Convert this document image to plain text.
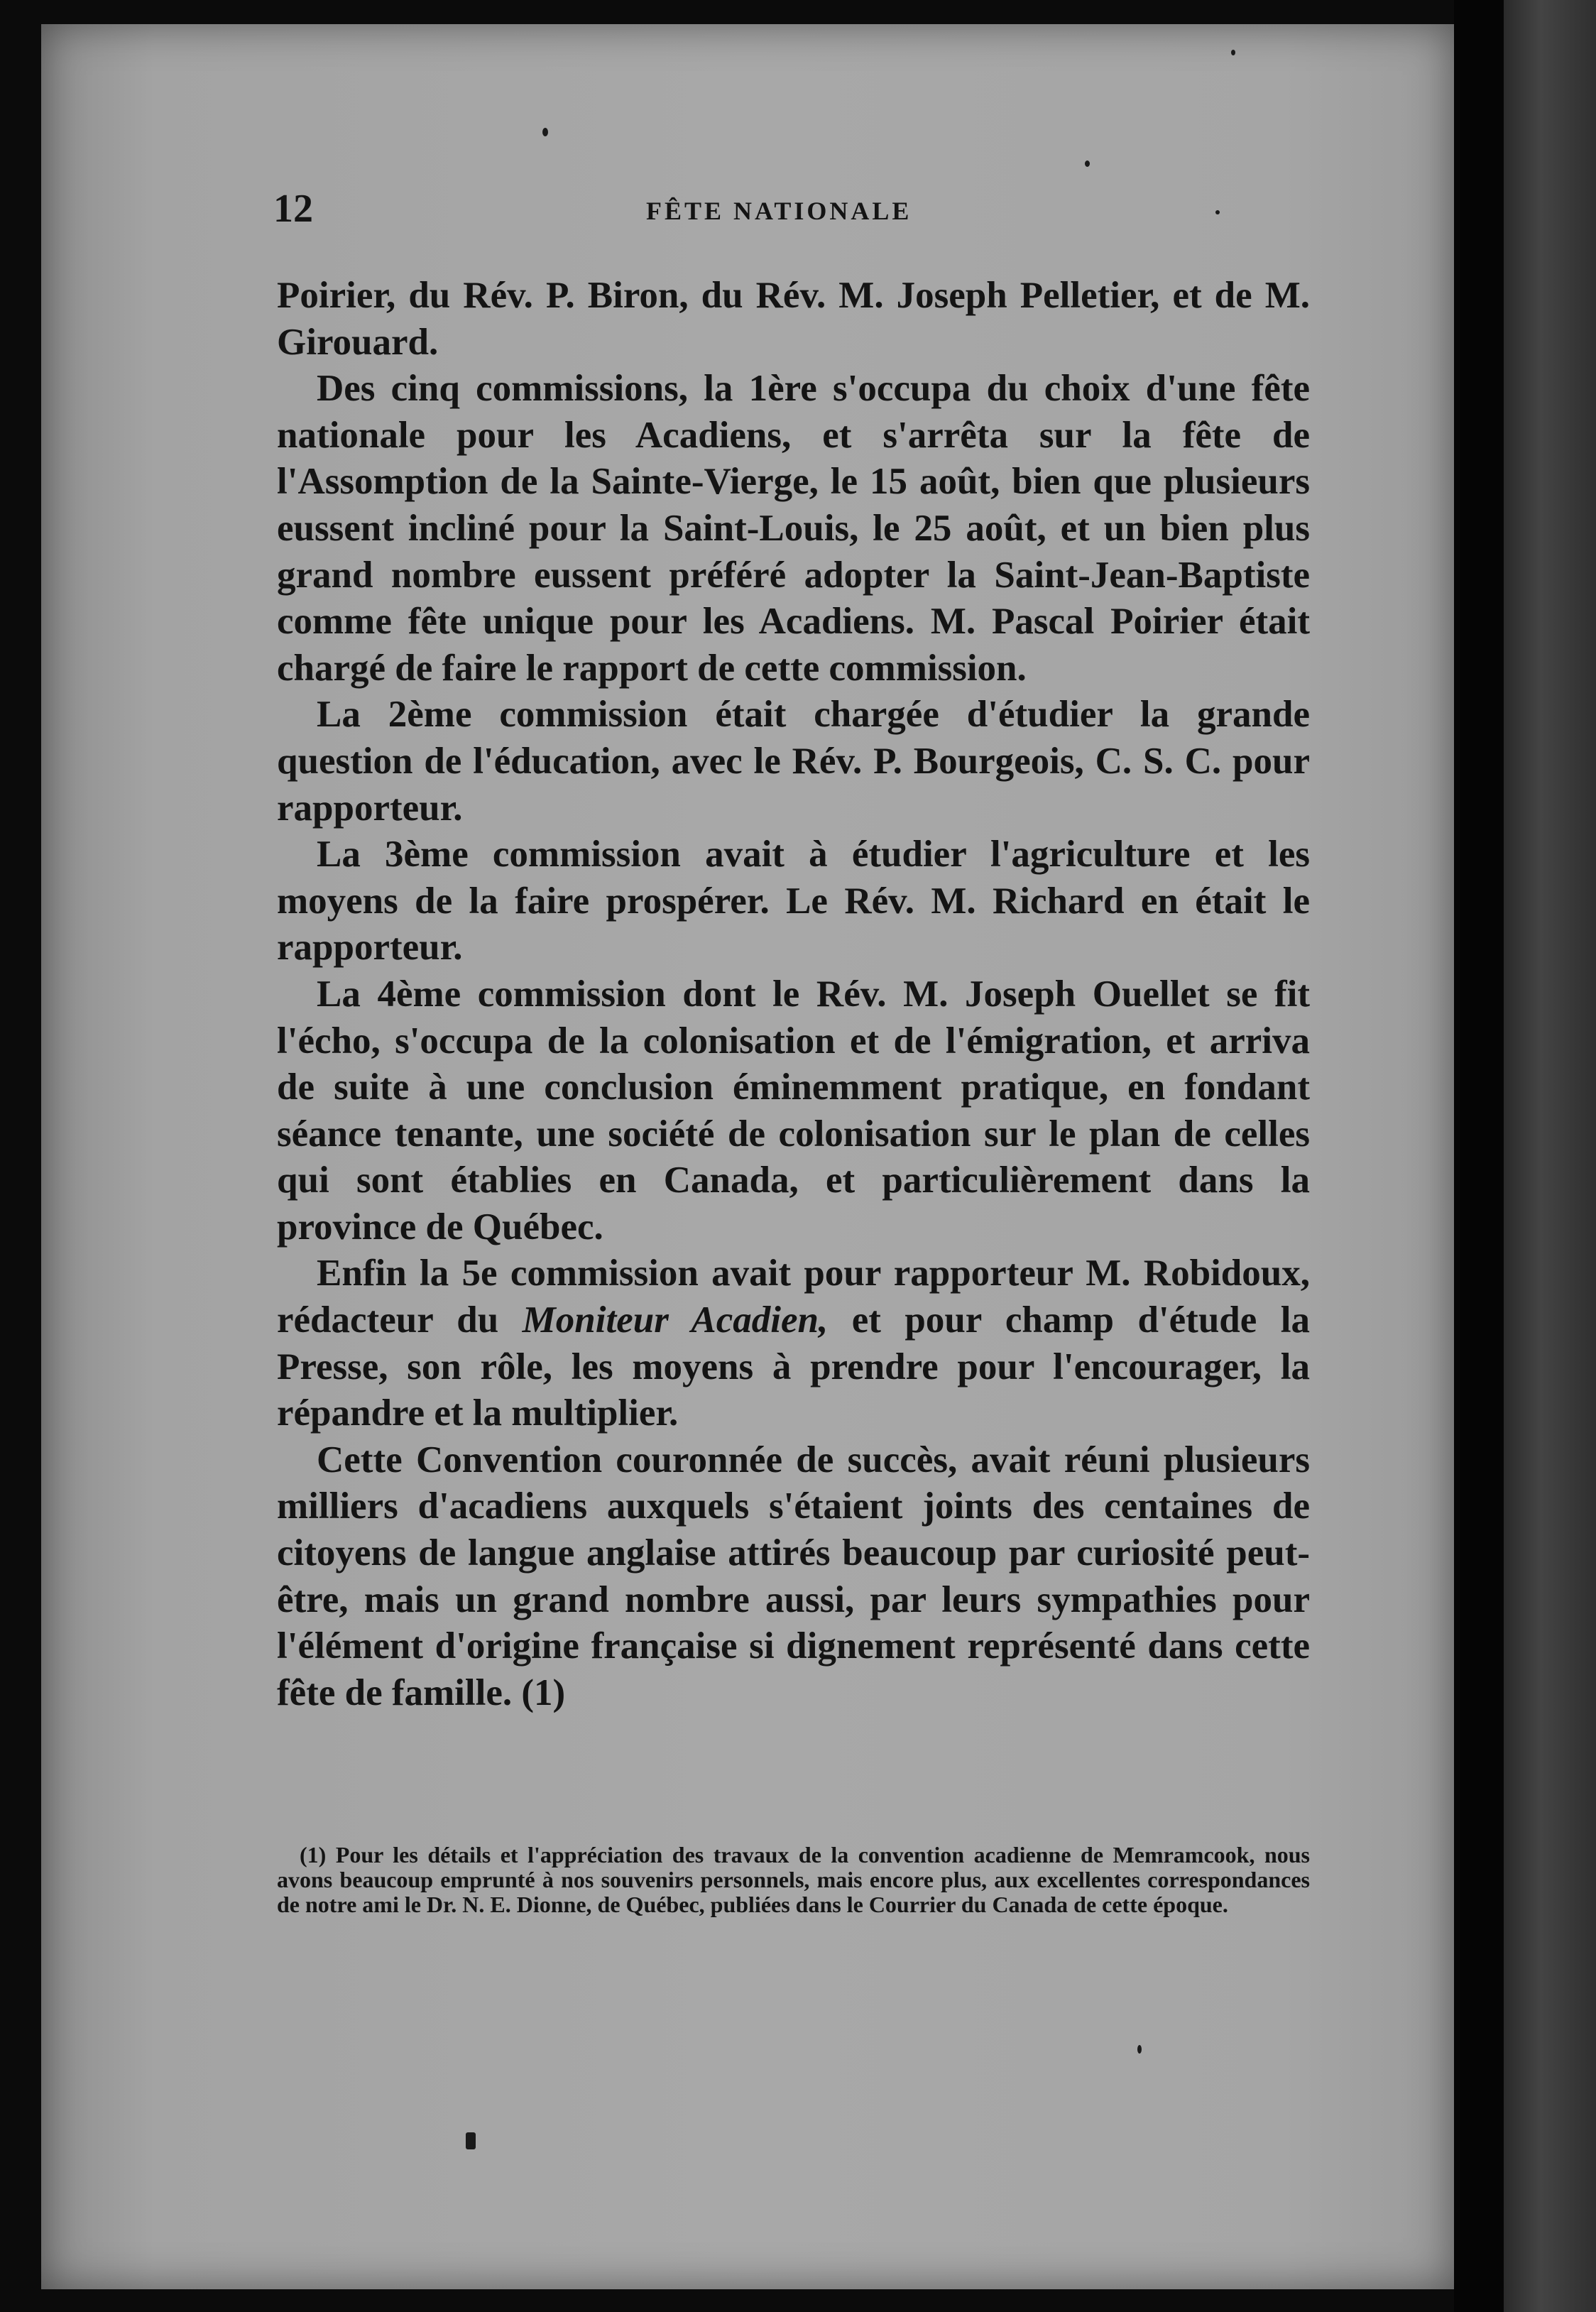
12	FÊTE NATIONALE

Poirier, du Rév. P. Biron, du Rév. M. Joseph Pelletier, et de M. Girouard.

Des cinq commissions, la 1ère s'occupa du choix d'une fête nationale pour les Acadiens, et s'arrêta sur la fête de l'Assomption de la Sainte-Vierge, le 15 août, bien que plusieurs eussent incliné pour la Saint-Louis, le 25 août, et un bien plus grand nombre eussent préféré adopter la Saint-Jean-Baptiste comme fête unique pour les Acadiens. M. Pascal Poirier était chargé de faire le rapport de cette commission.

La 2ème commission était chargée d'étudier la grande question de l'éducation, avec le Rév. P. Bourgeois, C. S. C. pour rapporteur.

La 3ème commission avait à étudier l'agriculture et les moyens de la faire prospérer. Le Rév. M. Richard en était le rapporteur.

La 4ème commission dont le Rév. M. Joseph Ouellet se fit l'écho, s'occupa de la colonisation et de l'émigration, et arriva de suite à une conclusion éminemment pratique, en fondant séance tenante, une société de colonisation sur le plan de celles qui sont établies en Canada, et particulièrement dans la province de Québec.

Enfin la 5e commission avait pour rapporteur M. Robidoux, rédacteur du Moniteur Acadien, et pour champ d'étude la Presse, son rôle, les moyens à prendre pour l'encourager, la répandre et la multiplier.

Cette Convention couronnée de succès, avait réuni plusieurs milliers d'acadiens auxquels s'étaient joints des centaines de citoyens de langue anglaise attirés beaucoup par curiosité peut-être, mais un grand nombre aussi, par leurs sympathies pour l'élément d'origine française si dignement représenté dans cette fête de famille. (1)

(1) Pour les détails et l'appréciation des travaux de la convention acadienne de Memramcook, nous avons beaucoup emprunté à nos souvenirs personnels, mais encore plus, aux excellentes correspondances de notre ami le Dr. N. E. Dionne, de Québec, publiées dans le Courrier du Canada de cette époque.
